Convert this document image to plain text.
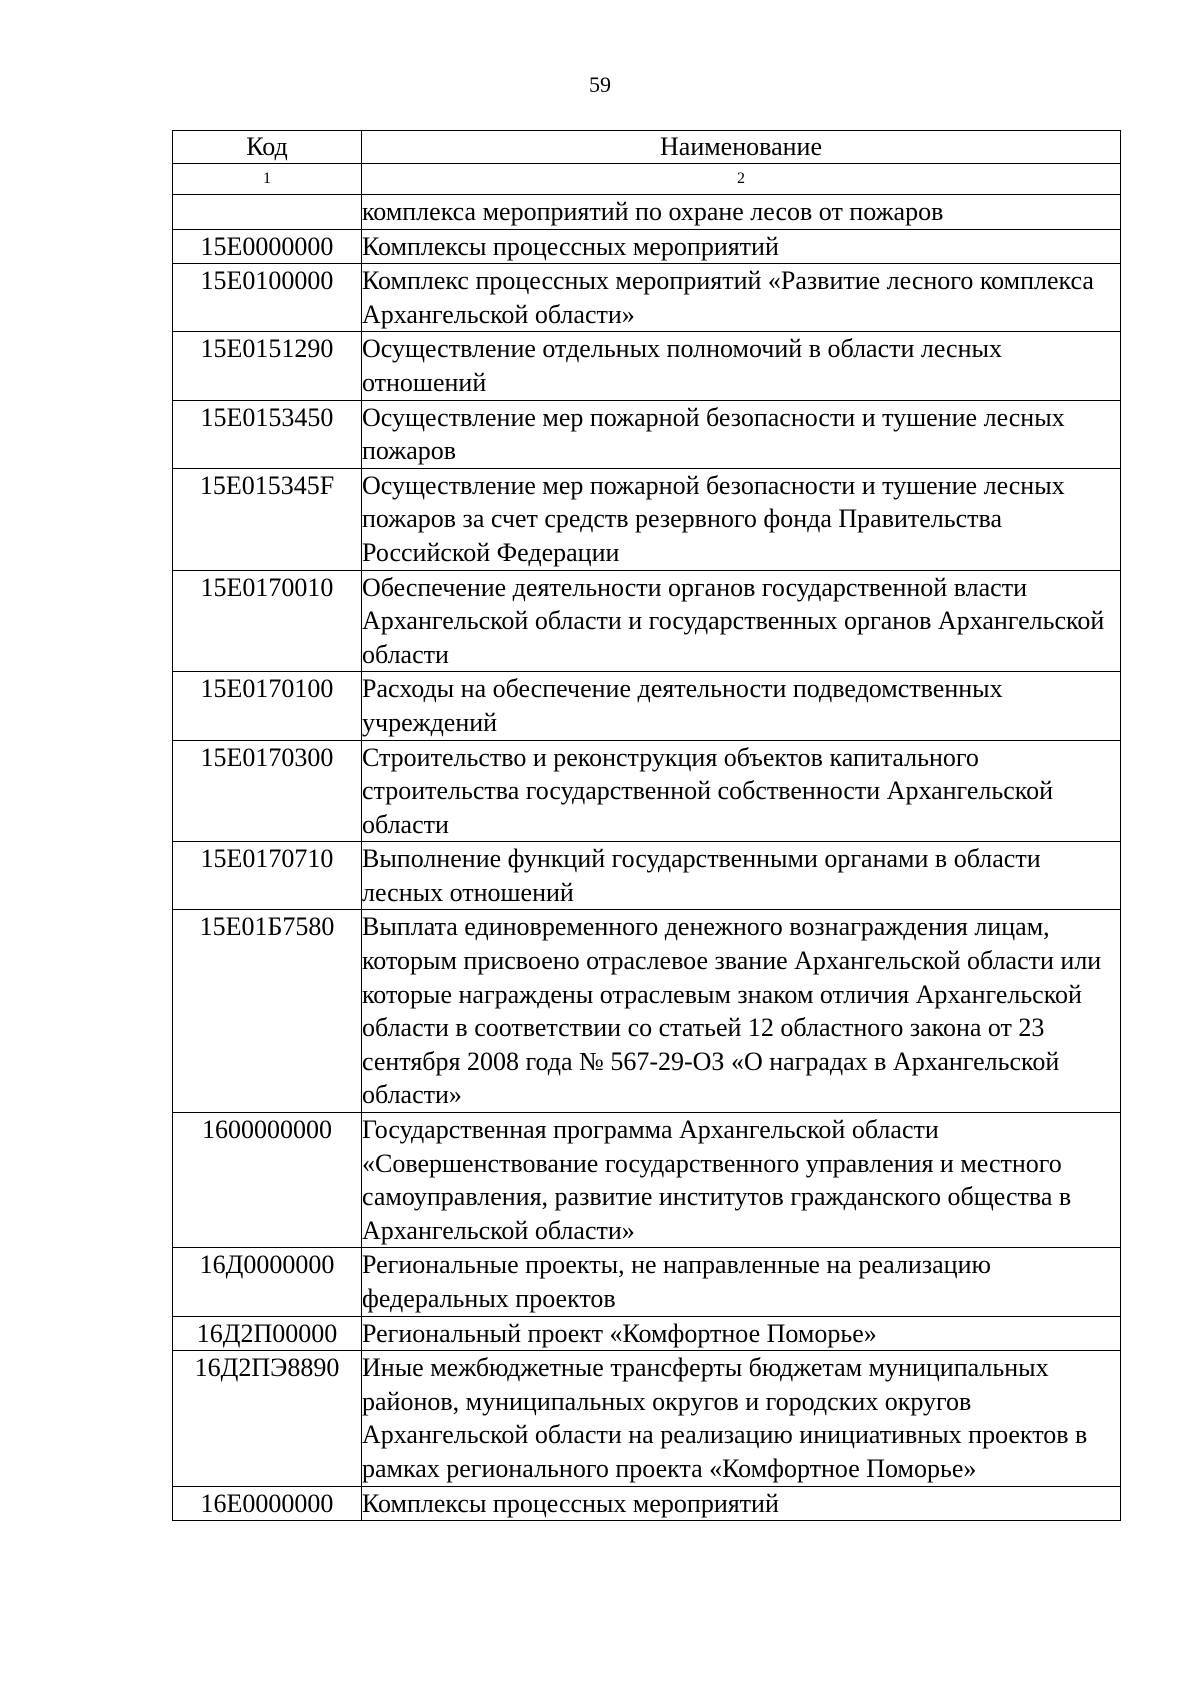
59
Код	Наименование
1	2
	комплекса мероприятий по охране лесов от пожаров
15Е0000000	Комплексы процессных мероприятий
15Е0100000	Комплекс процессных мероприятий «Развитие лесного комплекса Архангельской области»
15Е0151290	Осуществление отдельных полномочий в области лесных отношений
15Е0153450	Осуществление мер пожарной безопасности и тушение лесных пожаров
15Е015345F	Осуществление мер пожарной безопасности и тушение лесных пожаров за счет средств резервного фонда Правительства Российской Федерации
15Е0170010	Обеспечение деятельности органов государственной власти Архангельской области и государственных органов Архангельской области
15Е0170100	Расходы на обеспечение деятельности подведомственных учреждений
15Е0170300	Строительство и реконструкция объектов капитального строительства государственной собственности Архангельской области
15Е0170710	Выполнение функций государственными органами в области лесных отношений
15Е01Б7580	Выплата единовременного денежного вознаграждения лицам, которым присвоено отраслевое звание Архангельской области или которые награждены отраслевым знаком отличия Архангельской области в соответствии со статьей 12 областного закона от 23 сентября 2008 года № 567-29-ОЗ «О наградах в Архангельской области»
1600000000	Государственная программа Архангельской области «Совершенствование государственного управления и местного самоуправления, развитие институтов гражданского общества в Архангельской области»
16Д0000000	Региональные проекты, не направленные на реализацию федеральных проектов
16Д2П00000	Региональный проект «Комфортное Поморье»
16Д2ПЭ8890	Иные межбюджетные трансферты бюджетам муниципальных районов, муниципальных округов и городских округов Архангельской области на реализацию инициативных проектов в рамках регионального проекта «Комфортное Поморье»
16Е0000000	Комплексы процессных мероприятий
